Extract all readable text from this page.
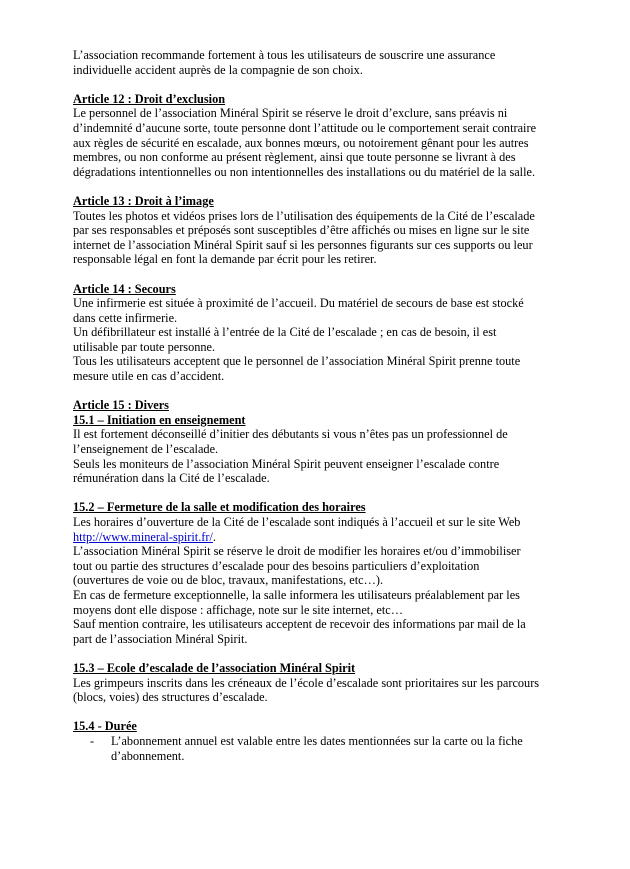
L’association recommande fortement à tous les utilisateurs de souscrire une assurance

individuelle accident auprès de la compagnie de son choix.

Article 12 : Droit d’exclusion

Le personnel de l’association Minéral Spirit se réserve le droit d’exclure, sans préavis ni

d’indemnité d’aucune sorte, toute personne dont l’attitude ou le comportement serait contraire

aux règles de sécurité en escalade, aux bonnes mœurs, ou notoirement gênant pour les autres

membres, ou non conforme au présent règlement, ainsi que toute personne se livrant à des

dégradations intentionnelles ou non intentionnelles des installations ou du matériel de la salle.

Article 13 : Droit à l’image

Toutes les photos et vidéos prises lors de l’utilisation des équipements de la Cité de l’escalade

par ses responsables et préposés sont susceptibles d’être affichés ou mises en ligne sur le site

internet de l’association Minéral Spirit sauf si les personnes figurants sur ces supports ou leur

responsable légal en font la demande par écrit pour les retirer.

Article 14 : Secours

Une infirmerie est située à proximité de l’accueil. Du matériel de secours de base est stocké

dans cette infirmerie.

Un défibrillateur est installé à l’entrée de la Cité de l’escalade ; en cas de besoin, il est

utilisable par toute personne.

Tous les utilisateurs acceptent que le personnel de l’association Minéral Spirit prenne toute

mesure utile en cas d’accident.

Article 15 : Divers

15.1 – Initiation en enseignement

Il est fortement déconseillé d’initier des débutants si vous n’êtes pas un professionnel de

l’enseignement de l’escalade.

Seuls les moniteurs de l’association Minéral Spirit peuvent enseigner l’escalade contre

rémunération dans la Cité de l’escalade.

15.2 – Fermeture de la salle et modification des horaires

Les horaires d’ouverture de la Cité de l’escalade sont indiqués à l’accueil et sur le site Web

http://www.mineral-spirit.fr/.

L’association Minéral Spirit se réserve le droit de modifier les horaires et/ou d’immobiliser

tout ou partie des structures d’escalade pour des besoins particuliers d’exploitation

(ouvertures de voie ou de bloc, travaux, manifestations, etc…).

En cas de fermeture exceptionnelle, la salle informera les utilisateurs préalablement par les

moyens dont elle dispose : affichage, note sur le site internet, etc…

Sauf mention contraire, les utilisateurs acceptent de recevoir des informations par mail de la

part de l’association Minéral Spirit.

15.3 – Ecole d’escalade de l’association Minéral Spirit

Les grimpeurs inscrits dans les créneaux de l’école d’escalade sont prioritaires sur les parcours

(blocs, voies) des structures d’escalade.

15.4 - Durée

-	L’abonnement annuel est valable entre les dates mentionnées sur la carte ou la fiche

d’abonnement.
